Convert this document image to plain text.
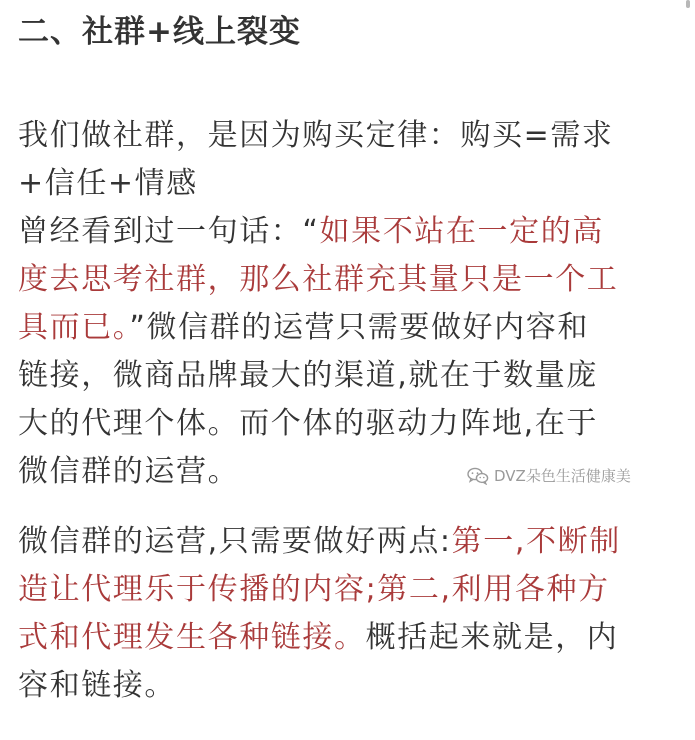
二、社群+线上裂变
我们做社群，是因为购买定律：购买=需求
+信任+情感
曾经看到过一句话：“如果不站在一定的高
度去思考社群，那么社群充其量只是一个工
具而已。”微信群的运营只需要做好内容和
链接，微商品牌最大的渠道,就在于数量庞
大的代理个体。而个体的驱动力阵地,在于
微信群的运营。	DVZ朵色生活健康美
微信群的运营,只需要做好两点:第一,不断制
造让代理乐于传播的内容;第二,利用各种方
式和代理发生各种链接。概括起来就是，内
容和链接。
